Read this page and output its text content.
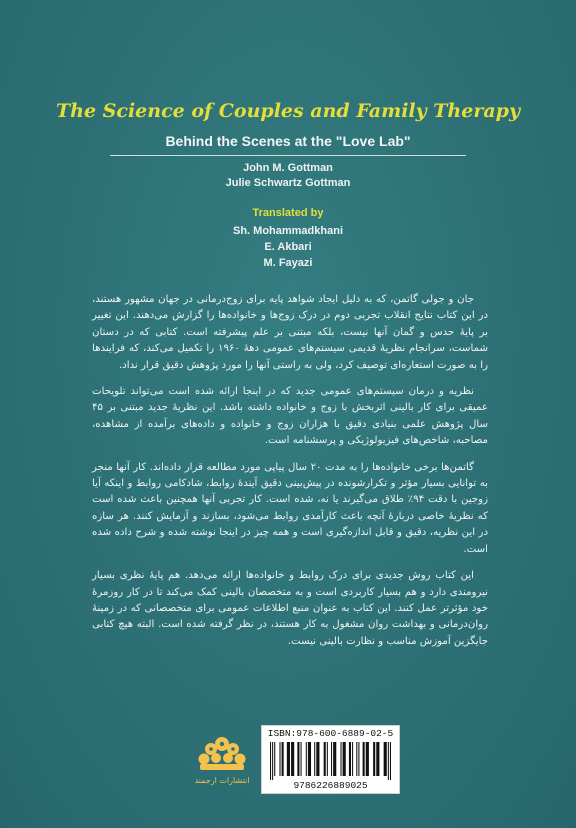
The Science of Couples and Family Therapy
Behind the Scenes at the "Love Lab"
John M. Gottman
Julie Schwartz Gottman
Translated by
Sh. Mohammadkhani
E. Akbari
M. Fayazi

جان و جولی گاتمن، که به دلیل ایجاد شواهد پایه برای زوج‌درمانی در جهان مشهور هستند، در این کتاب نتایج انقلاب تجربی دوم در درک زوج‌ها و خانواده‌ها را گزارش می‌دهند. این تغییر بر پایهٔ حدس و گمان آنها نیست، بلکه مبتنی بر علم پیشرفته است. کتابی که در دستان شماست، سرانجام نظریهٔ قدیمی سیستم‌های عمومی دههٔ ۱۹۶۰ را تکمیل می‌کند، که فرایندها را به صورت استعاره‌ای توصیف کرد، ولی به راستی آنها را مورد پژوهش دقیق قرار نداد.

نظریه و درمان سیستم‌های عمومی جدید که در اینجا ارائه شده است می‌تواند تلویحات عمیقی برای کار بالینی اثربخش با زوج و خانواده داشته باشد. این نظریهٔ جدید مبتنی بر ۴۵ سال پژوهش علمی بنیادی دقیق با هزاران زوج و خانواده و داده‌های برآمده از مشاهده، مصاحبه، شاخص‌های فیزیولوژیکی و پرسشنامه است.

گاتمن‌ها برخی خانواده‌ها را به مدت ۲۰ سال پیاپی مورد مطالعه قرار داده‌اند. کار آنها منجر به توانایی بسیار مؤثر و تکرارشونده در پیش‌بینی دقیق آیندهٔ روابط، شادکامی روابط و اینکه آیا زوجین با دقت ۹۴٪ طلاق می‌گیرند یا نه، شده است. کار تجربی آنها همچنین باعث شده است که نظریهٔ خاصی دربارهٔ آنچه باعث کارآمدی روابط می‌شود، بسازند و آزمایش کنند. هر سازه در این نظریه، دقیق و قابل اندازه‌گیری است و همه چیز در اینجا نوشته شده و شرح داده شده است.

این کتاب روش جدیدی برای درک روابط و خانواده‌ها ارائه می‌دهد. هم پایهٔ نظری بسیار نیرومندی دارد و هم بسیار کاربردی است و به متخصصان بالینی کمک می‌کند تا در کار روزمرهٔ خود مؤثرتر عمل کنند. این کتاب به عنوان منبع اطلاعات عمومی برای متخصصانی که در زمینهٔ روان‌درمانی و بهداشت روان مشغول به کار هستند، در نظر گرفته شده است. البته هیچ کتابی جایگزین آموزش مناسب و نظارت بالینی نیست.

انتشارات ارجمند
ISBN:978-600-6889-02-5
9786226889025
